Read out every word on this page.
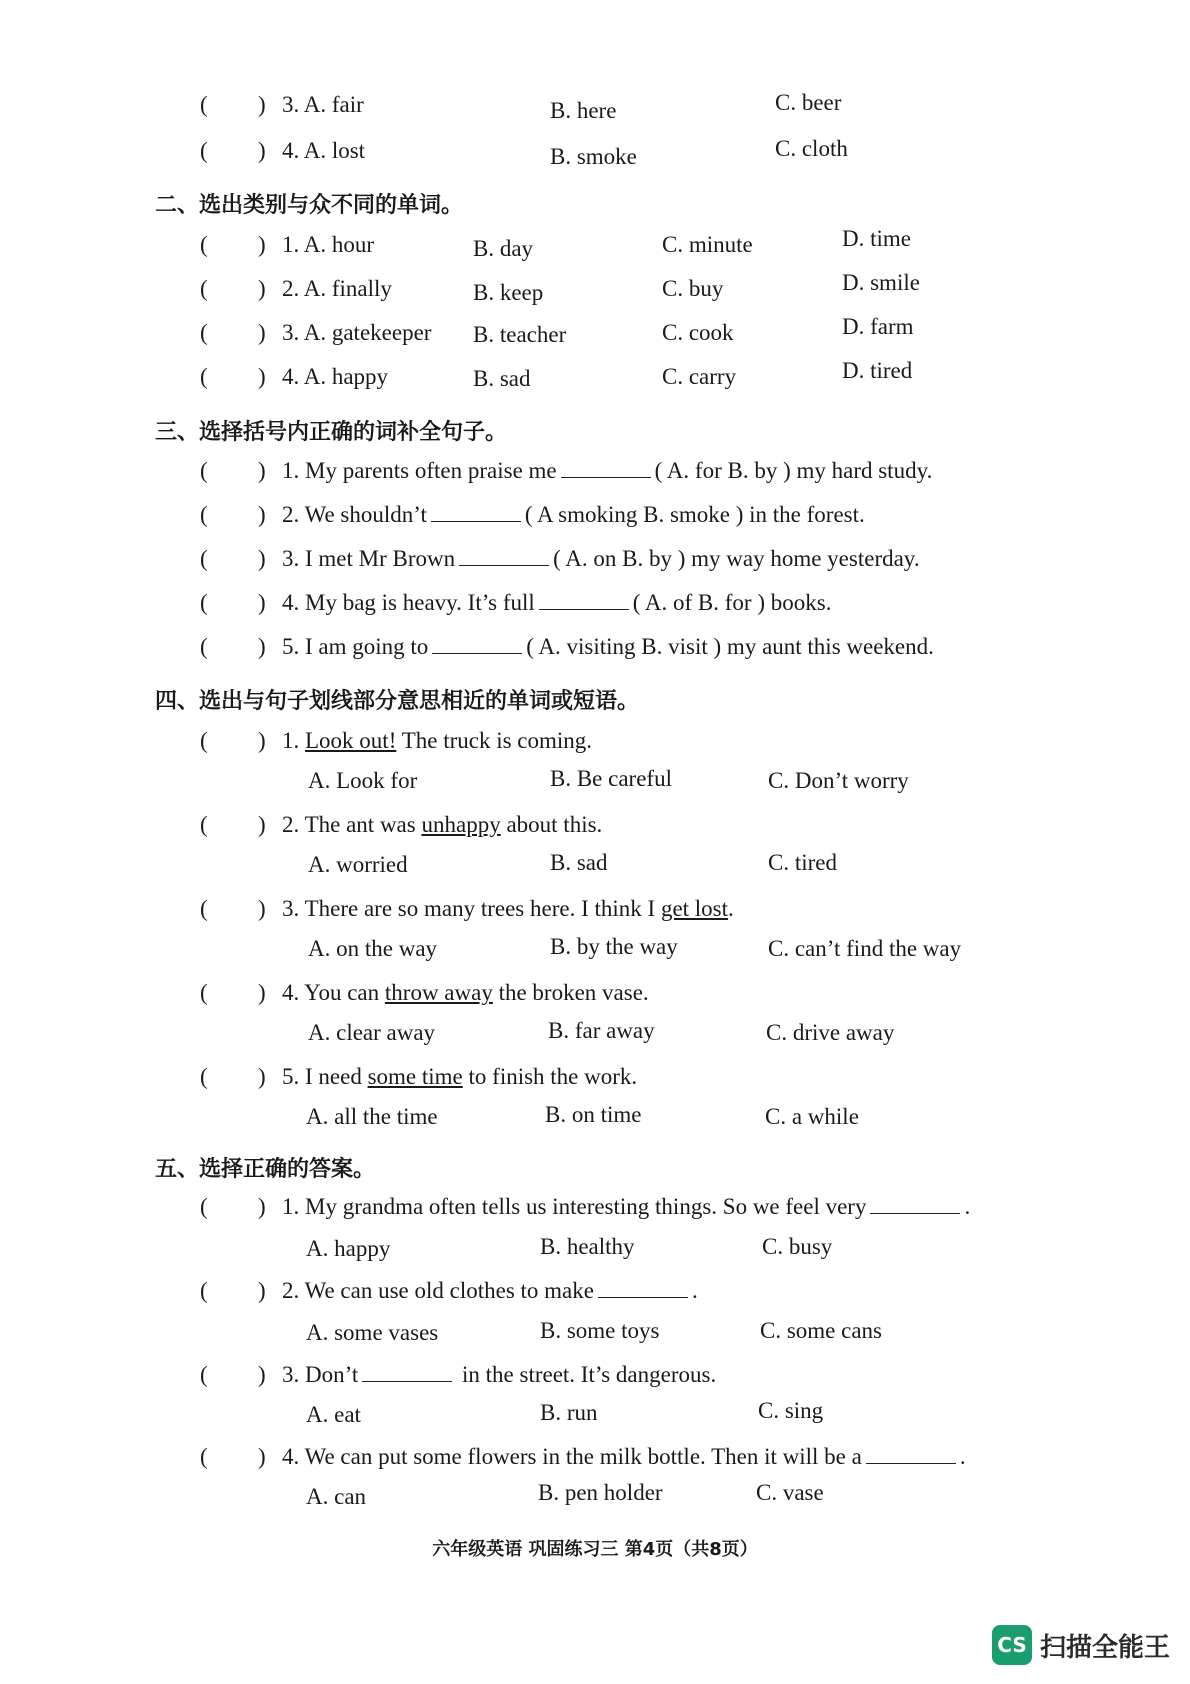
( ) 3. A. fair	B. here	C. beer
( ) 4. A. lost	B. smoke	C. cloth
二、选出类别与众不同的单词。
( ) 1. A. hour	B. day	C. minute	D. time
( ) 2. A. finally	B. keep	C. buy	D. smile
( ) 3. A. gatekeeper B. teacher	C. cook	D. farm
( ) 4. A. happy	B. sad	C. carry	D. tired
三、选择括号内正确的词补全句子。
( ) 1. My parents often praise me	( A. for B. by ) my hard study.
( ) 2. We shouldn’t	( A smoking B. smoke ) in the forest.
( ) 3. I met Mr Brown	( A. on B. by ) my way home yesterday.
( ) 4. My bag is heavy. It’s full	( A. of B. for ) books.
( ) 5. I am going to	( A. visiting B. visit ) my aunt this weekend.
四、选出与句子划线部分意思相近的单词或短语。
( ) 1. Look out! The truck is coming.
A. Look for	B. Be careful	C. Don’t worry
( ) 2. The ant was unhappy about this.
A. worried	B. sad	C. tired
( ) 3. There are so many trees here. I think I get lost.
A. on the way	B. by the way	C. can’t find the way
( ) 4. You can throw away the broken vase.
A. clear away	B. far away	C. drive away
( ) 5. I need some time to finish the work.
A. all the time	B. on time	C. a while
五、选择正确的答案。
( ) 1. My grandma often tells us interesting things. So we feel very	.
A. happy	B. healthy	C. busy
( ) 2. We can use old clothes to make	.
A. some vases	B. some toys	C. some cans
( ) 3. Don’t	in the street. It’s dangerous.
A. eat	B. run	C. sing
( ) 4. We can put some flowers in the milk bottle. Then it will be a	.
A. can	B. pen holder	C. vase
六年级英语 巩固练习三 第4页（共8页）
CS 扫描全能王
